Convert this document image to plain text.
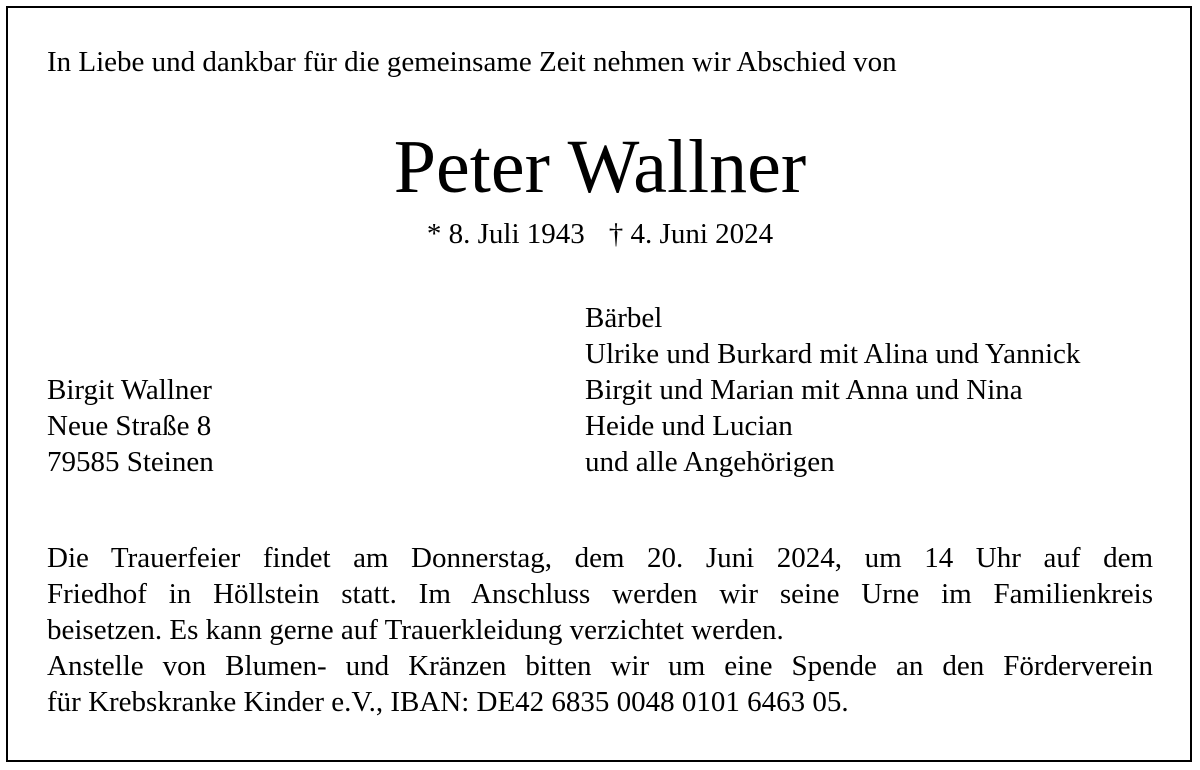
In Liebe und dankbar für die gemeinsame Zeit nehmen wir Abschied von
Peter Wallner
* 8. Juli 1943 † 4. Juni 2024
Birgit Wallner
Neue Straße 8
79585 Steinen
Bärbel
Ulrike und Burkard mit Alina und Yannick
Birgit und Marian mit Anna und Nina
Heide und Lucian
und alle Angehörigen
Die Trauerfeier findet am Donnerstag, dem 20. Juni 2024, um 14 Uhr auf dem
Friedhof in Höllstein statt. Im Anschluss werden wir seine Urne im Familienkreis
beisetzen. Es kann gerne auf Trauerkleidung verzichtet werden.
Anstelle von Blumen- und Kränzen bitten wir um eine Spende an den Förderverein
für Krebskranke Kinder e.V., IBAN: DE42 6835 0048 0101 6463 05.
